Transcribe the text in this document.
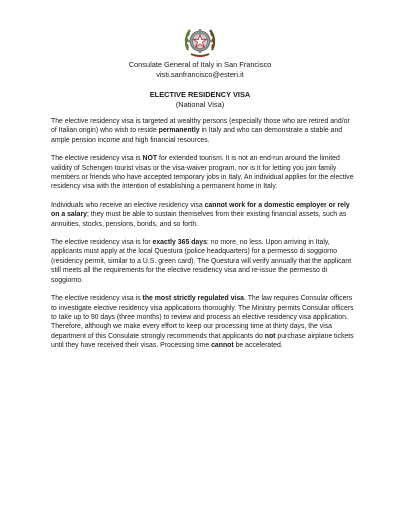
Consulate General of Italy in San Francisco
visti.sanfrancisco@esteri.it
ELECTIVE RESIDENCY VISA
(National Visa)

The elective residency visa is targeted at wealthy persons (especially those who are retired and/or of Italian origin) who wish to reside permanently in Italy and who can demonstrate a stable and ample pension income and high financial resources.

The elective residency visa is NOT for extended tourism. It is not an end-run around the limited validity of Schengen tourist visas or the visa-waiver program, nor is it for letting you join family members or friends who have accepted temporary jobs in Italy. An individual applies for the elective residency visa with the intention of establishing a permanent home in Italy.

Individuals who receive an elective residency visa cannot work for a domestic employer or rely on a salary; they must be able to sustain themselves from their existing financial assets, such as annuities, stocks, pensions, bonds, and so forth.

The elective residency visa is for exactly 365 days: no more, no less. Upon arriving in Italy, applicants must apply at the local Questura (police headquarters) for a permesso di soggiorno (residency permit, similar to a U.S. green card). The Questura will verify annually that the applicant still meets all the requirements for the elective residency visa and re-issue the permesso di soggiorno.

The elective residency visa is the most strictly regulated visa. The law requires Consular officers to investigate elective residency visa applications thoroughly. The Ministry permits Consular officers to take up to 90 days (three months) to review and process an elective residency visa application. Therefore, although we make every effort to keep our processing time at thirty days, the visa department of this Consulate strongly recommends that applicants do not purchase airplane tickets until they have received their visas. Processing time cannot be accelerated.
